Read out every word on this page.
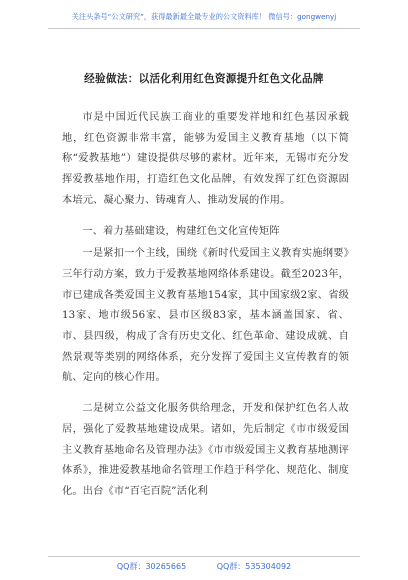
关注头条号“公文研究”，获得最新最全最专业的公文资料库！ 微信号：gongwenyj
经验做法：以活化利用红色资源提升红色文化品牌

市是中国近代民族工商业的重要发祥地和红色基因承载地，红色资源非常丰富，能够为爱国主义教育基地（以下简称“爱教基地”）建设提供尽够的素材。近年来，无锡市充分发挥爱教基地作用，打造红色文化品牌，有效发挥了红色资源固本培元、凝心聚力、铸魂育人、推动发展的作用。

一、着力基础建设，构建红色文化宣传矩阵

一是紧扣一个主线，围绕《新时代爱国主义教育实施纲要》三年行动方案，致力于爱教基地网络体系建设。截至2023年，市已建成各类爱国主义教育基地154家，其中国家级2家、省级13家、地市级56家、县市区级83家，基本涵盖国家、省、市、县四级，构成了含有历史文化、红色革命、建设成就、自然景观等类别的网络体系，充分发挥了爱国主义宣传教育的领航、定向的核心作用。

二是树立公益文化服务供给理念，开发和保护红色名人故居，强化了爱教基地建设成果。诸如，先后制定《市市级爱国主义教育基地命名及管理办法》《市市级爱国主义教育基地测评体系》，推进爱教基地命名管理工作趋于科学化、规范化、制度化。出台《市“百宅百院”活化利

QQ群：30265665	QQ群：535304092
